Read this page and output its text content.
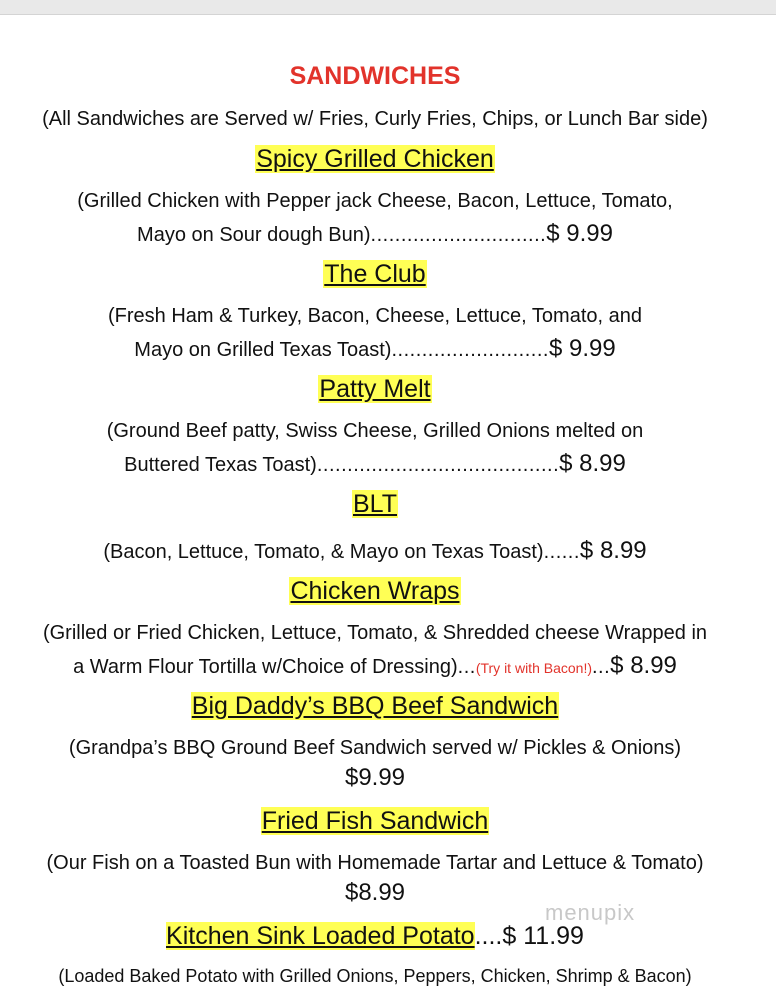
SANDWICHES
(All Sandwiches are Served w/ Fries, Curly Fries, Chips, or Lunch Bar side)
Spicy Grilled Chicken
(Grilled Chicken with Pepper jack Cheese, Bacon, Lettuce, Tomato,
Mayo on Sour dough Bun).............................$ 9.99
The Club
(Fresh Ham & Turkey, Bacon, Cheese, Lettuce, Tomato, and
Mayo on Grilled Texas Toast)..........................$ 9.99
Patty Melt
(Ground Beef patty, Swiss Cheese, Grilled Onions melted on
Buttered Texas Toast)........................................$ 8.99
BLT
(Bacon, Lettuce, Tomato, & Mayo on Texas Toast)......$ 8.99
Chicken Wraps
(Grilled or Fried Chicken, Lettuce, Tomato, & Shredded cheese Wrapped in
a Warm Flour Tortilla w/Choice of Dressing)...(Try it with Bacon!)...$ 8.99
Big Daddy’s BBQ Beef Sandwich
(Grandpa’s BBQ Ground Beef Sandwich served w/ Pickles & Onions)
$9.99
Fried Fish Sandwich
(Our Fish on a Toasted Bun with Homemade Tartar and Lettuce & Tomato)
$8.99
Kitchen Sink Loaded Potato....$ 11.99
(Loaded Baked Potato with Grilled Onions, Peppers, Chicken, Shrimp & Bacon)
menupix
